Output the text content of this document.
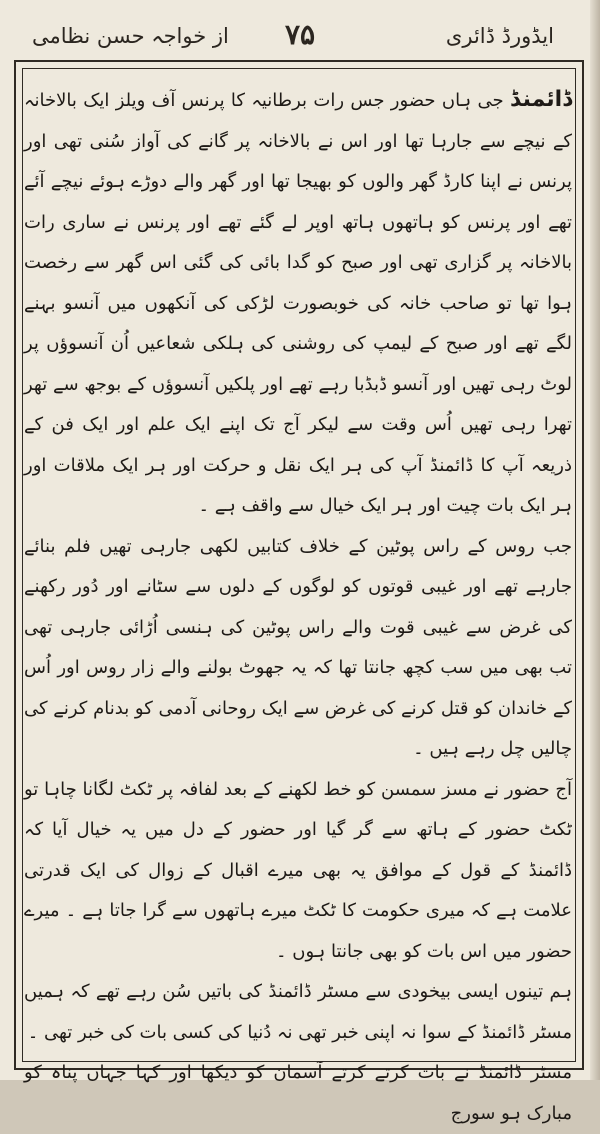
ایڈورڈ ڈائری
۷۵
از خواجہ حسن نظامی

ڈائمنڈ جی ہاں حضور جس رات برطانیہ کا پرنس آف ویلز ایک بالاخانہ کے نیچے سے جارہا تھا اور اس نے بالاخانہ پر گانے کی آواز سُنی تھی اور پرنس نے اپنا کارڈ گھر والوں کو بھیجا تھا اور گھر والے دوڑے ہوئے نیچے آئے تھے اور پرنس کو ہاتھوں ہاتھ اوپر لے گئے تھے اور پرنس نے ساری رات بالاخانہ پر گزاری تھی اور صبح کو گدا بائی کی گئی اس گھر سے رخصت ہوا تھا تو صاحب خانہ کی خوبصورت لڑکی کی آنکھوں میں آنسو بہنے لگے تھے اور صبح کے لیمپ کی روشنی کی ہلکی شعاعیں اُن آنسوؤں پر لوٹ رہی تھیں اور آنسو ڈبڈبا رہے تھے اور پلکیں آنسوؤں کے بوجھ سے تھر تھرا رہی تھیں اُس وقت سے لیکر آج تک اپنے ایک علم اور ایک فن کے ذریعہ آپ کا ڈائمنڈ آپ کی ہر ایک نقل و حرکت اور ہر ایک ملاقات اور ہر ایک بات چیت اور ہر ایک خیال سے واقف ہے ۔

جب روس کے راس پوٹین کے خلاف کتابیں لکھی جارہی تھیں فلم بنائے جارہے تھے اور غیبی قوتوں کو لوگوں کے دلوں سے سٹانے اور دُور رکھنے کی غرض سے غیبی قوت والے راس پوٹین کی ہنسی اُڑائی جارہی تھی تب بھی میں سب کچھ جانتا تھا کہ یہ جھوٹ بولنے والے زار روس اور اُس کے خاندان کو قتل کرنے کی غرض سے ایک روحانی آدمی کو بدنام کرنے کی چالیں چل رہے ہیں ۔

آج حضور نے مسز سمسن کو خط لکھنے کے بعد لفافہ پر ٹکٹ لگانا چاہا تو ٹکٹ حضور کے ہاتھ سے گر گیا اور حضور کے دل میں یہ خیال آیا کہ ڈائمنڈ کے قول کے موافق یہ بھی میرے اقبال کے زوال کی ایک قدرتی علامت ہے کہ میری حکومت کا ٹکٹ میرے ہاتھوں سے گرا جاتا ہے ۔ میرے حضور میں اس بات کو بھی جانتا ہوں ۔

ہم تینوں ایسی بیخودی سے مسٹر ڈائمنڈ کی باتیں سُن رہے تھے کہ ہمیں مسٹر ڈائمنڈ کے سوا نہ اپنی خبر تھی نہ دُنیا کی کسی بات کی خبر تھی ۔

مسٹر ڈائمنڈ نے بات کرتے کرتے آسمان کو دیکھا اور کہا جہاں پناہ کو مبارک ہو سورج
